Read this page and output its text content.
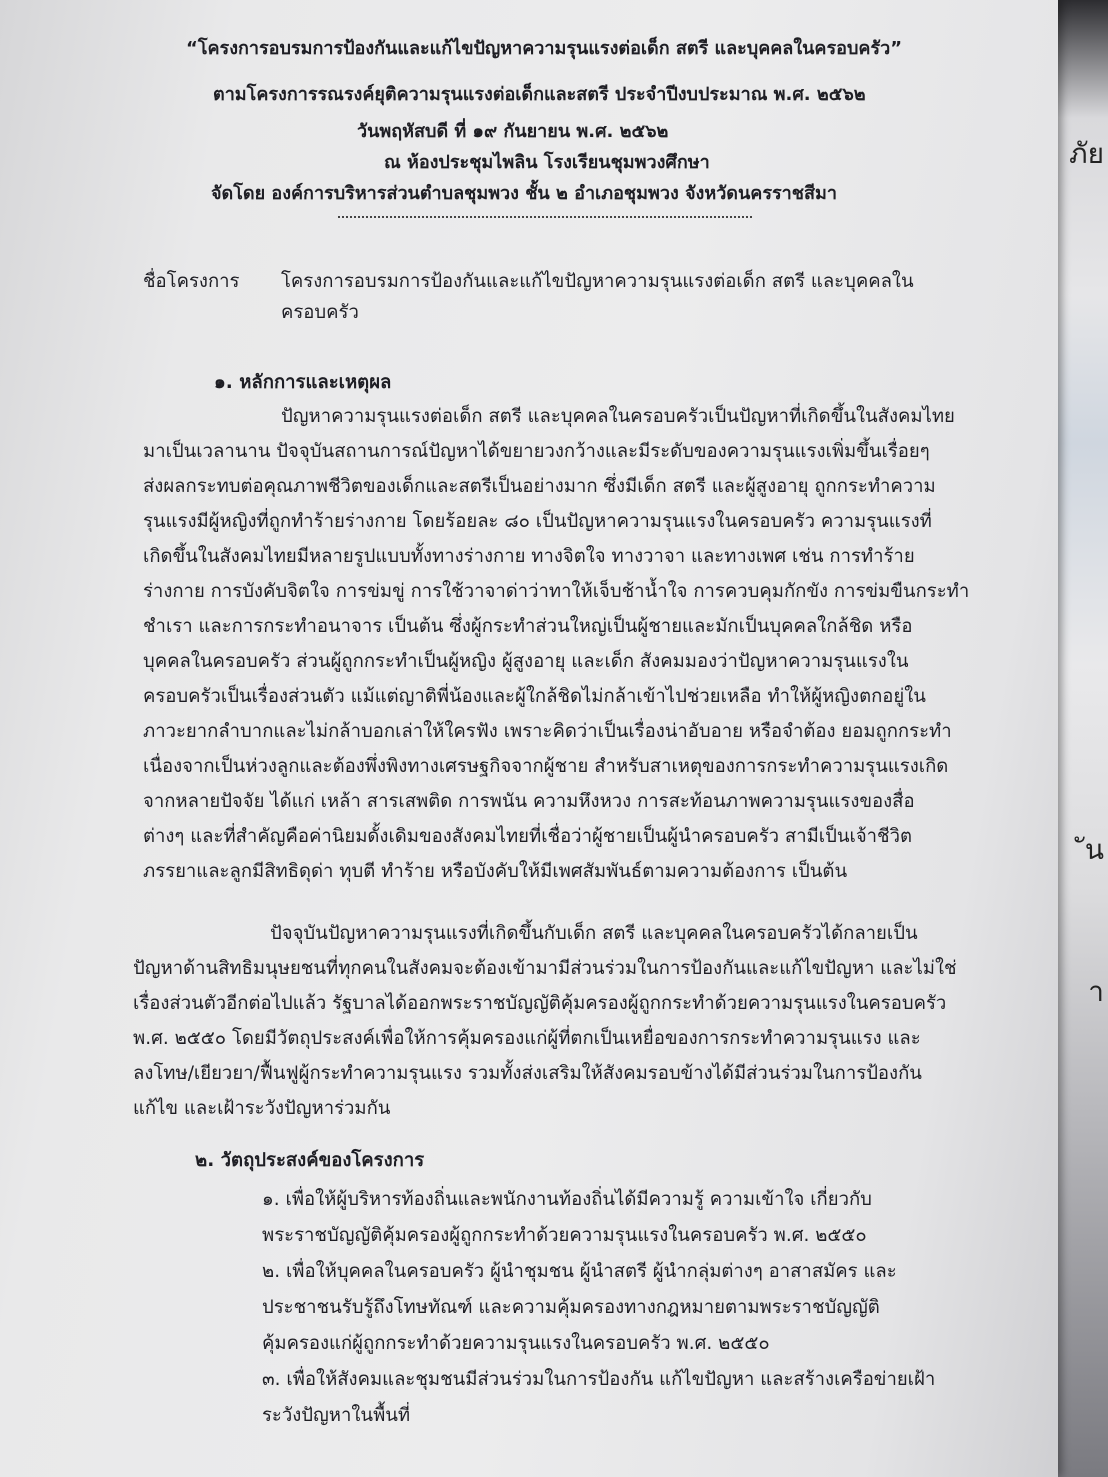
ภัย
ัน
า
“โครงการอบรมการป้องกันและแก้ไขปัญหาความรุนแรงต่อเด็ก สตรี และบุคคลในครอบครัว”
ตามโครงการรณรงค์ยุติความรุนแรงต่อเด็กและสตรี ประจำปีงบประมาณ พ.ศ. ๒๕๖๒
วันพฤหัสบดี ที่ ๑๙ กันยายน พ.ศ. ๒๕๖๒
ณ ห้องประชุมไพลิน โรงเรียนชุมพวงศึกษา
จัดโดย องค์การบริหารส่วนตำบลชุมพวง ชั้น ๒ อำเภอชุมพวง จังหวัดนครราชสีมา
ชื่อโครงการ โครงการอบรมการป้องกันและแก้ไขปัญหาความรุนแรงต่อเด็ก สตรี และบุคคลใน
ครอบครัว
๑. หลักการและเหตุผล
ปัญหาความรุนแรงต่อเด็ก สตรี และบุคคลในครอบครัวเป็นปัญหาที่เกิดขึ้นในสังคมไทย
มาเป็นเวลานาน ปัจจุบันสถานการณ์ปัญหาได้ขยายวงกว้างและมีระดับของความรุนแรงเพิ่มขึ้นเรื่อยๆ
ส่งผลกระทบต่อคุณภาพชีวิตของเด็กและสตรีเป็นอย่างมาก ซึ่งมีเด็ก สตรี และผู้สูงอายุ ถูกกระทำความ
รุนแรงมีผู้หญิงที่ถูกทำร้ายร่างกาย โดยร้อยละ ๘๐ เป็นปัญหาความรุนแรงในครอบครัว ความรุนแรงที่
เกิดขึ้นในสังคมไทยมีหลายรูปแบบทั้งทางร่างกาย ทางจิตใจ ทางวาจา และทางเพศ เช่น การทำร้าย
ร่างกาย การบังคับจิตใจ การข่มขู่ การใช้วาจาด่าว่าทาให้เจ็บช้าน้ำใจ การควบคุมกักขัง การข่มขืนกระทำ
ชำเรา และการกระทำอนาจาร เป็นต้น ซึ่งผู้กระทำส่วนใหญ่เป็นผู้ชายและมักเป็นบุคคลใกล้ชิด หรือ
บุคคลในครอบครัว ส่วนผู้ถูกกระทำเป็นผู้หญิง ผู้สูงอายุ และเด็ก สังคมมองว่าปัญหาความรุนแรงใน
ครอบครัวเป็นเรื่องส่วนตัว แม้แต่ญาติพี่น้องและผู้ใกล้ชิดไม่กล้าเข้าไปช่วยเหลือ ทำให้ผู้หญิงตกอยู่ใน
ภาวะยากลำบากและไม่กล้าบอกเล่าให้ใครฟัง เพราะคิดว่าเป็นเรื่องน่าอับอาย หรือจำต้อง ยอมถูกกระทำ
เนื่องจากเป็นห่วงลูกและต้องพึ่งพิงทางเศรษฐกิจจากผู้ชาย สำหรับสาเหตุของการกระทำความรุนแรงเกิด
จากหลายปัจจัย ได้แก่ เหล้า สารเสพติด การพนัน ความหึงหวง การสะท้อนภาพความรุนแรงของสื่อ
ต่างๆ และที่สำคัญคือค่านิยมดั้งเดิมของสังคมไทยที่เชื่อว่าผู้ชายเป็นผู้นำครอบครัว สามีเป็นเจ้าชีวิต
ภรรยาและลูกมีสิทธิดุด่า ทุบตี ทำร้าย หรือบังคับให้มีเพศสัมพันธ์ตามความต้องการ เป็นต้น
ปัจจุบันปัญหาความรุนแรงที่เกิดขึ้นกับเด็ก สตรี และบุคคลในครอบครัวได้กลายเป็น
ปัญหาด้านสิทธิมนุษยชนที่ทุกคนในสังคมจะต้องเข้ามามีส่วนร่วมในการป้องกันและแก้ไขปัญหา และไม่ใช่
เรื่องส่วนตัวอีกต่อไปแล้ว รัฐบาลได้ออกพระราชบัญญัติคุ้มครองผู้ถูกกระทำด้วยความรุนแรงในครอบครัว
พ.ศ. ๒๕๕๐ โดยมีวัตถุประสงค์เพื่อให้การคุ้มครองแก่ผู้ที่ตกเป็นเหยื่อของการกระทำความรุนแรง และ
ลงโทษ/เยียวยา/ฟื้นฟูผู้กระทำความรุนแรง รวมทั้งส่งเสริมให้สังคมรอบข้างได้มีส่วนร่วมในการป้องกัน
แก้ไข และเฝ้าระวังปัญหาร่วมกัน
๒. วัตถุประสงค์ของโครงการ
๑. เพื่อให้ผู้บริหารท้องถิ่นและพนักงานท้องถิ่นได้มีความรู้ ความเข้าใจ เกี่ยวกับ
พระราชบัญญัติคุ้มครองผู้ถูกกระทำด้วยความรุนแรงในครอบครัว พ.ศ. ๒๕๕๐
๒. เพื่อให้บุคคลในครอบครัว ผู้นำชุมชน ผู้นำสตรี ผู้นำกลุ่มต่างๆ อาสาสมัคร และ
ประชาชนรับรู้ถึงโทษทัณฑ์ และความคุ้มครองทางกฎหมายตามพระราชบัญญัติ
คุ้มครองแก่ผู้ถูกกระทำด้วยความรุนแรงในครอบครัว พ.ศ. ๒๕๕๐
๓. เพื่อให้สังคมและชุมชนมีส่วนร่วมในการป้องกัน แก้ไขปัญหา และสร้างเครือข่ายเฝ้า
ระวังปัญหาในพื้นที่
